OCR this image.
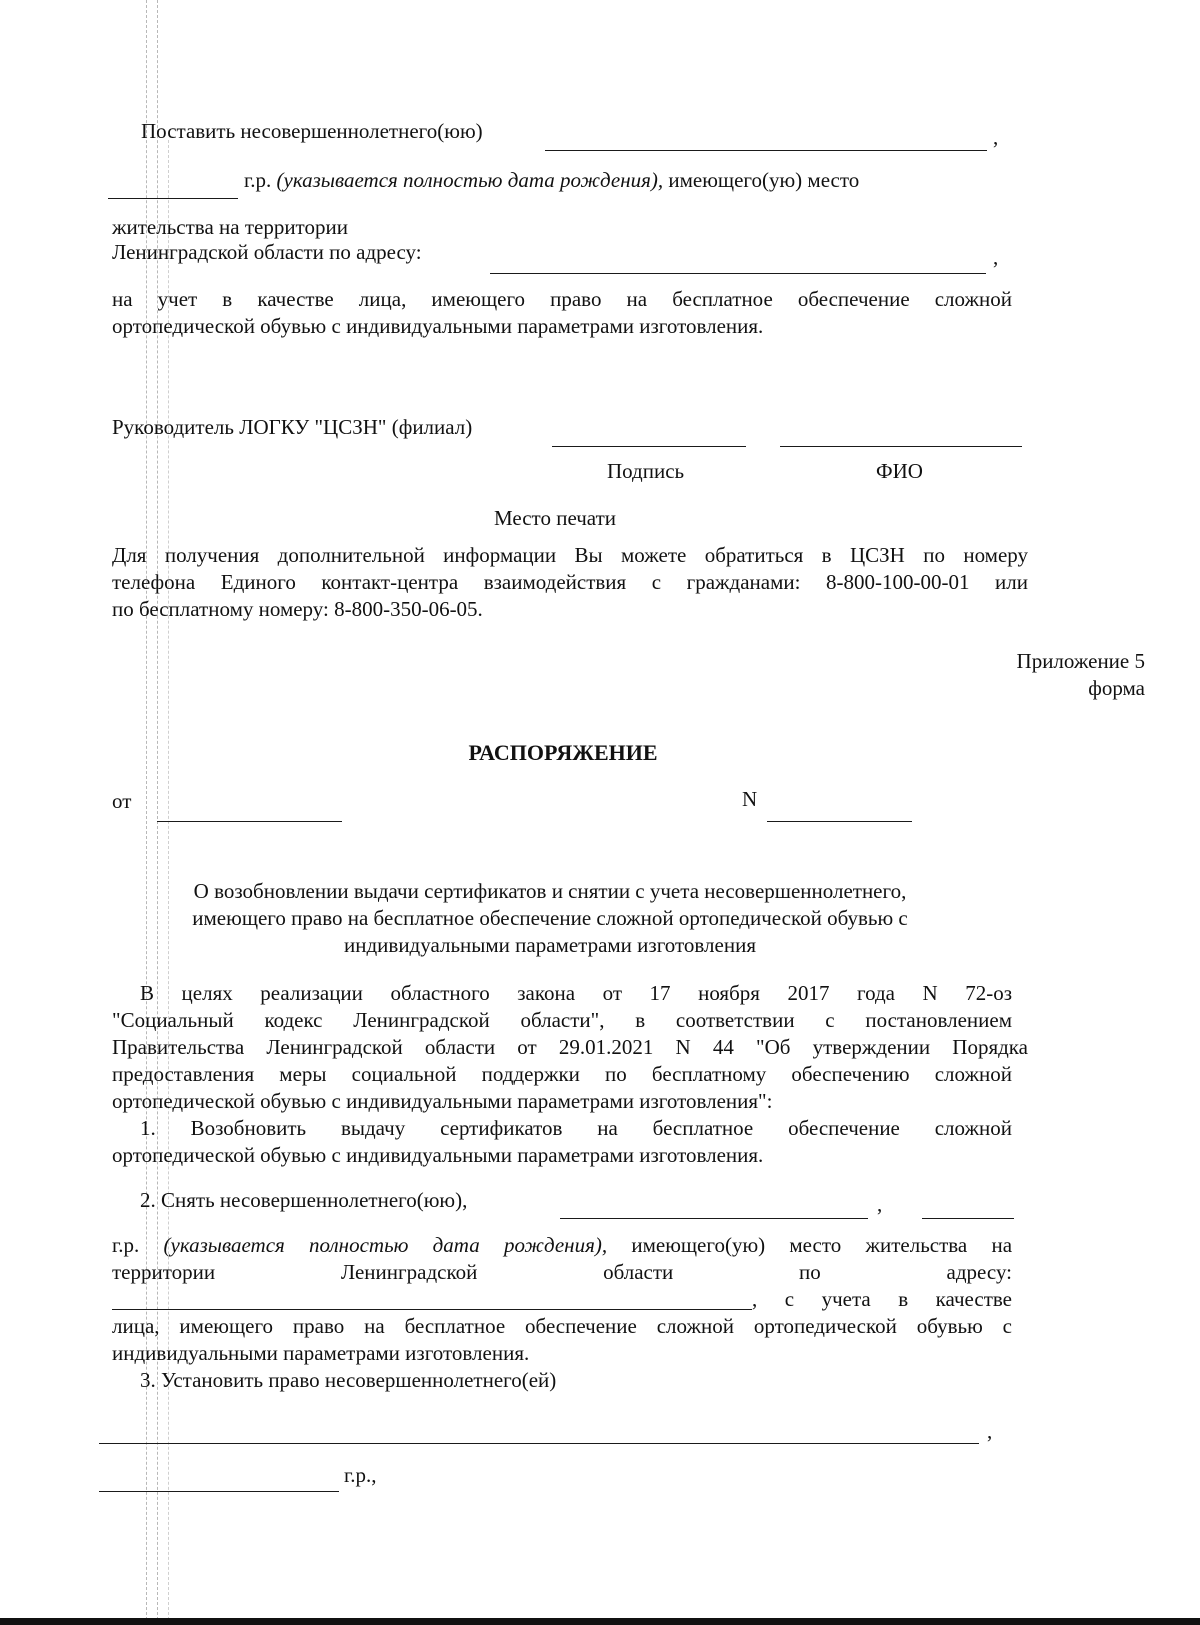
Поставить несовершеннолетнего(юю)	,
г.р. (указывается полностью дата рождения), имеющего(ую) место
жительства на территории
Ленинградской области по адресу:	,
на учет в качестве лица, имеющего право на бесплатное обеспечение сложной
ортопедической обувью с индивидуальными параметрами изготовления.
Руководитель ЛОГКУ "ЦСЗН" (филиал)
Подпись	ФИО
Место печати
Для получения дополнительной информации Вы можете обратиться в ЦСЗН по номеру
телефона Единого контакт-центра взаимодействия с гражданами: 8-800-100-00-01 или
по бесплатному номеру: 8-800-350-06-05.
Приложение 5
форма
РАСПОРЯЖЕНИЕ
от	N
О возобновлении выдачи сертификатов и снятии с учета несовершеннолетнего,
имеющего право на бесплатное обеспечение сложной ортопедической обувью с
индивидуальными параметрами изготовления
В целях реализации областного закона от 17 ноября 2017 года N 72-оз
"Социальный кодекс Ленинградской области", в соответствии с постановлением
Правительства Ленинградской области от 29.01.2021 N 44 "Об утверждении Порядка
предоставления меры социальной поддержки по бесплатному обеспечению сложной
ортопедической обувью с индивидуальными параметрами изготовления":
1. Возобновить выдачу сертификатов на бесплатное обеспечение сложной
ортопедической обувью с индивидуальными параметрами изготовления.
2. Снять несовершеннолетнего(юю),	,
г.р. (указывается полностью дата рождения), имеющего(ую) место жительства на
территории Ленинградской области по адресу:
, с учета в качестве
лица, имеющего право на бесплатное обеспечение сложной ортопедической обувью с
индивидуальными параметрами изготовления.
3. Установить право несовершеннолетнего(ей)
,
г.р.,
